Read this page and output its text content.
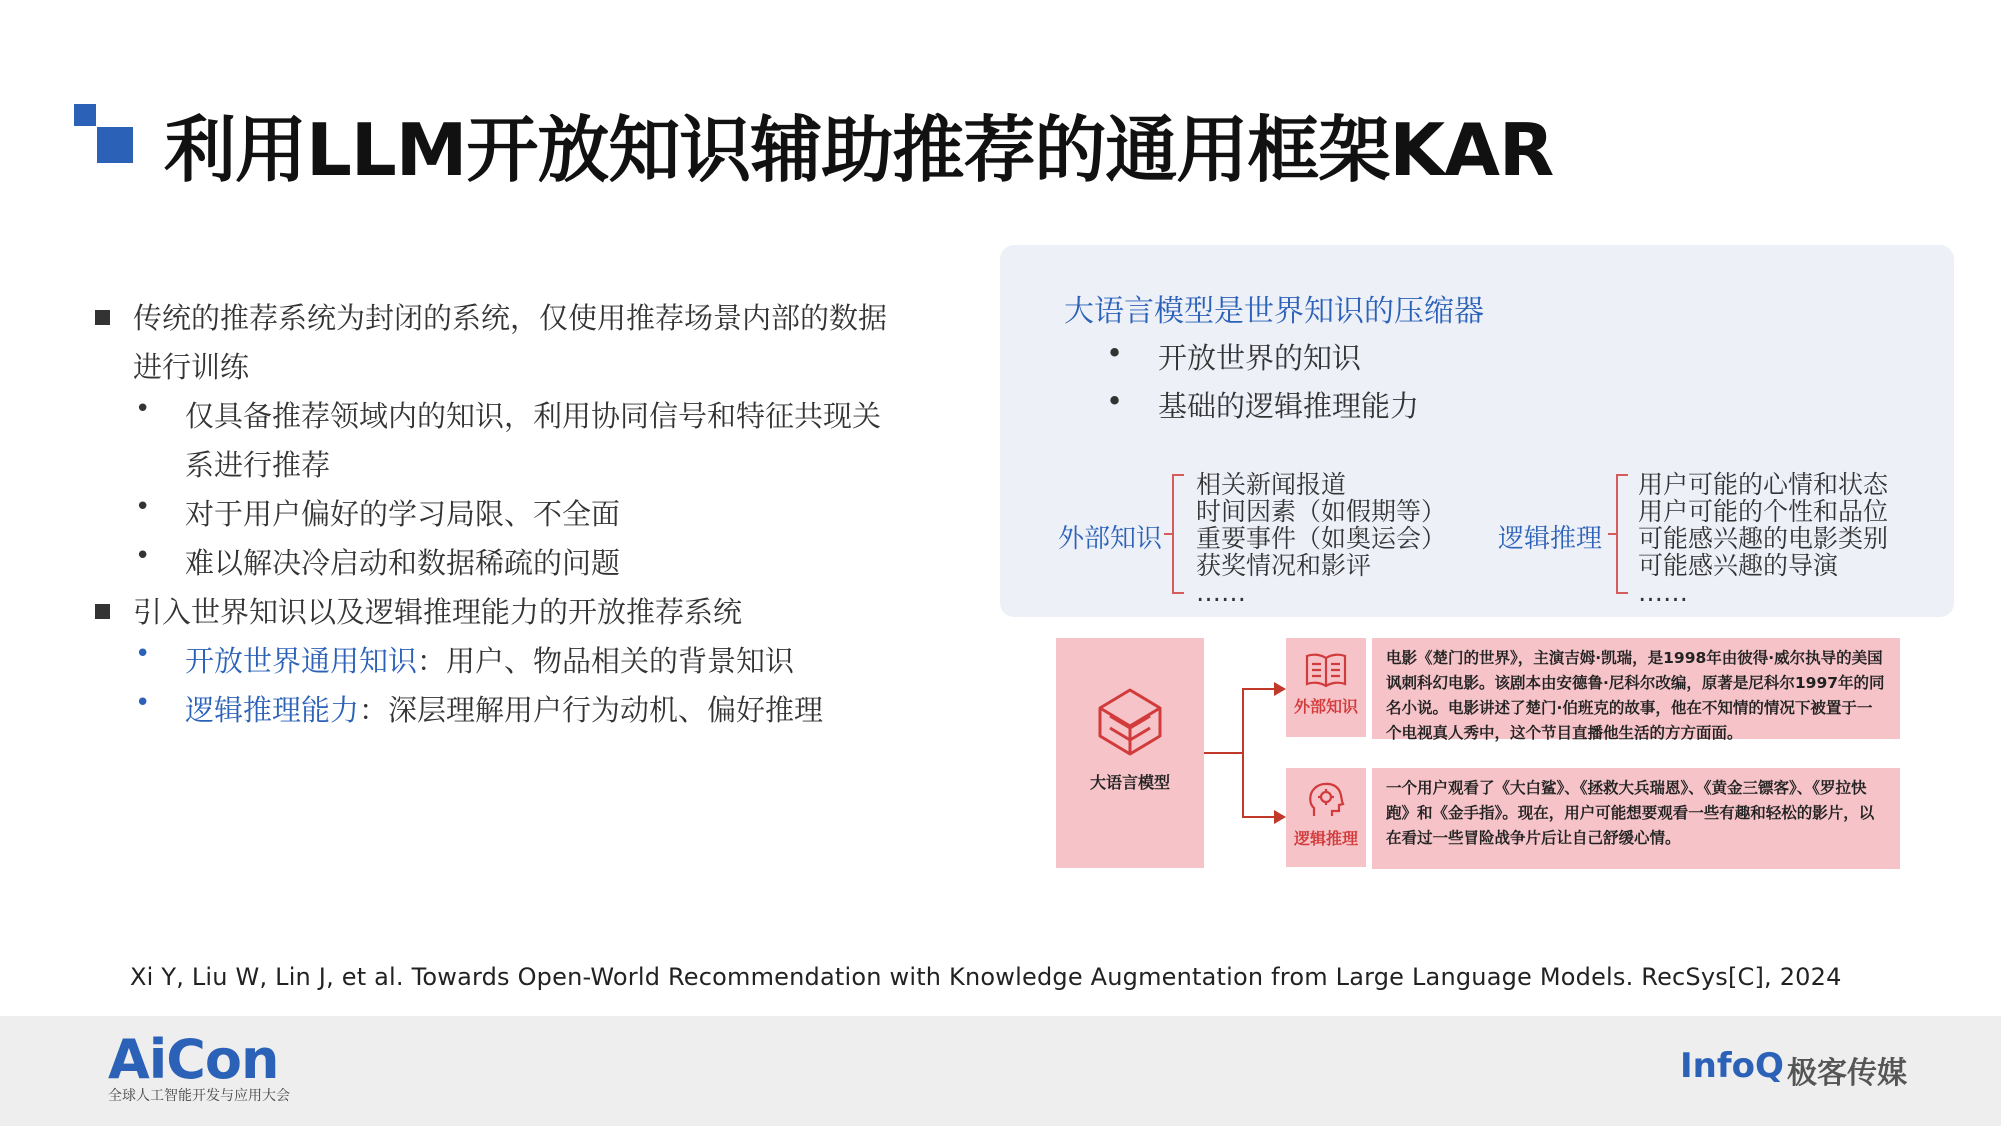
利用LLM开放知识辅助推荐的通用框架KAR
传统的推荐系统为封闭的系统，仅使用推荐场景内部的数据
进行训练
• 仅具备推荐领域内的知识，利用协同信号和特征共现关
系进行推荐
• 对于用户偏好的学习局限、不全面
• 难以解决冷启动和数据稀疏的问题
引入世界知识以及逻辑推理能力的开放推荐系统
• 开放世界通用知识：用户、物品相关的背景知识
• 逻辑推理能力：深层理解用户行为动机、偏好推理
大语言模型是世界知识的压缩器
• 开放世界的知识
• 基础的逻辑推理能力
外部知识
相关新闻报道
时间因素（如假期等）
重要事件（如奥运会）
获奖情况和影评
……
逻辑推理
用户可能的心情和状态
用户可能的个性和品位
可能感兴趣的电影类别
可能感兴趣的导演
……
大语言模型
外部知识
逻辑推理
电影《楚门的世界》，主演吉姆·凯瑞，是1998年由彼得·威尔执导的美国讽刺科幻电影。该剧本由安德鲁·尼科尔改编，原著是尼科尔1997年的同名小说。电影讲述了楚门·伯班克的故事，他在不知情的情况下被置于一个电视真人秀中，这个节目直播他生活的方方面面。
一个用户观看了《大白鲨》、《拯救大兵瑞恩》、《黄金三镖客》、《罗拉快跑》和《金手指》。现在，用户可能想要观看一些有趣和轻松的影片，以在看过一些冒险战争片后让自己舒缓心情。
Xi Y, Liu W, Lin J, et al. Towards Open-World Recommendation with Knowledge Augmentation from Large Language Models. RecSys[C], 2024
AiCon
全球人工智能开发与应用大会
InfoQ 极客传媒
